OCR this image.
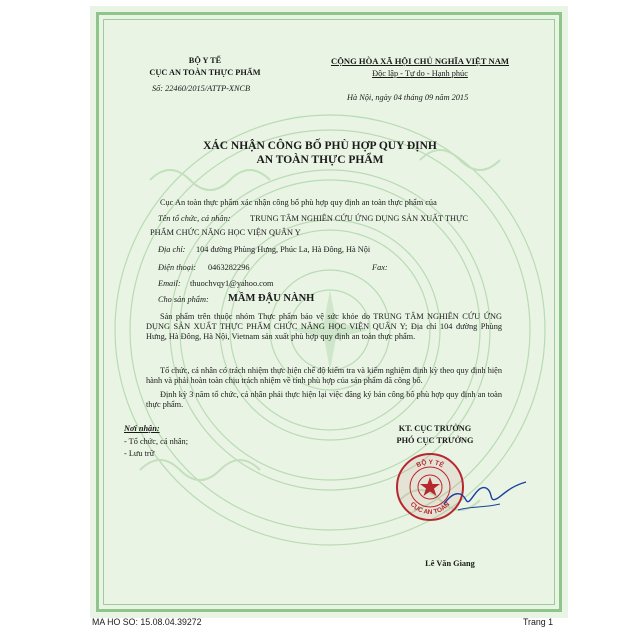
BỘ Y TẾ
CỤC AN TOÀN THỰC PHẨM
Số: 22460/2015/ATTP-XNCB
CỘNG HÒA XÃ HỘI CHỦ NGHĨA VIỆT NAM
Độc lập - Tự do - Hạnh phúc
Hà Nội, ngày 04 tháng 09 năm 2015
XÁC NHẬN CÔNG BỐ PHÙ HỢP QUY ĐỊNH
AN TOÀN THỰC PHẨM
Cục An toàn thực phẩm xác nhận công bố phù hợp quy định an toàn thực phẩm của
Tên tổ chức, cá nhân: TRUNG TÂM NGHIÊN CỨU ỨNG DỤNG SẢN XUẤT THỰC
PHẨM CHỨC NĂNG HỌC VIỆN QUÂN Y
Địa chỉ: 104 đường Phùng Hưng, Phúc La, Hà Đông, Hà Nội
Điện thoại: 0463282296	Fax:
Email: thuochvqy1@yahoo.com
Cho sản phẩm: MẦM ĐẬU NÀNH
Sản phẩm trên thuộc nhóm Thực phẩm bảo vệ sức khỏe do TRUNG TÂM NGHIÊN CỨU ỨNG DỤNG SẢN XUẤT THỰC PHẨM CHỨC NĂNG HỌC VIỆN QUÂN Y; Địa chỉ 104 đường Phùng Hưng, Hà Đông, Hà Nội, Vietnam sản xuất phù hợp quy định an toàn thực phẩm.
Tổ chức, cá nhân có trách nhiệm thực hiện chế độ kiểm tra và kiểm nghiệm định kỳ theo quy định hiện hành và phải hoàn toàn chịu trách nhiệm về tính phù hợp của sản phẩm đã công bố.
Định kỳ 3 năm tổ chức, cá nhân phải thực hiện lại việc đăng ký bản công bố phù hợp quy định an toàn thực phẩm.
Nơi nhận:
- Tổ chức, cá nhân;
- Lưu trữ
KT. CỤC TRƯỞNG
PHÓ CỤC TRƯỞNG
BỘ Y TẾ
CỤC AN TOÀN
Lê Văn Giang
MA HO SO: 15.08.04.39272	Trang 1
